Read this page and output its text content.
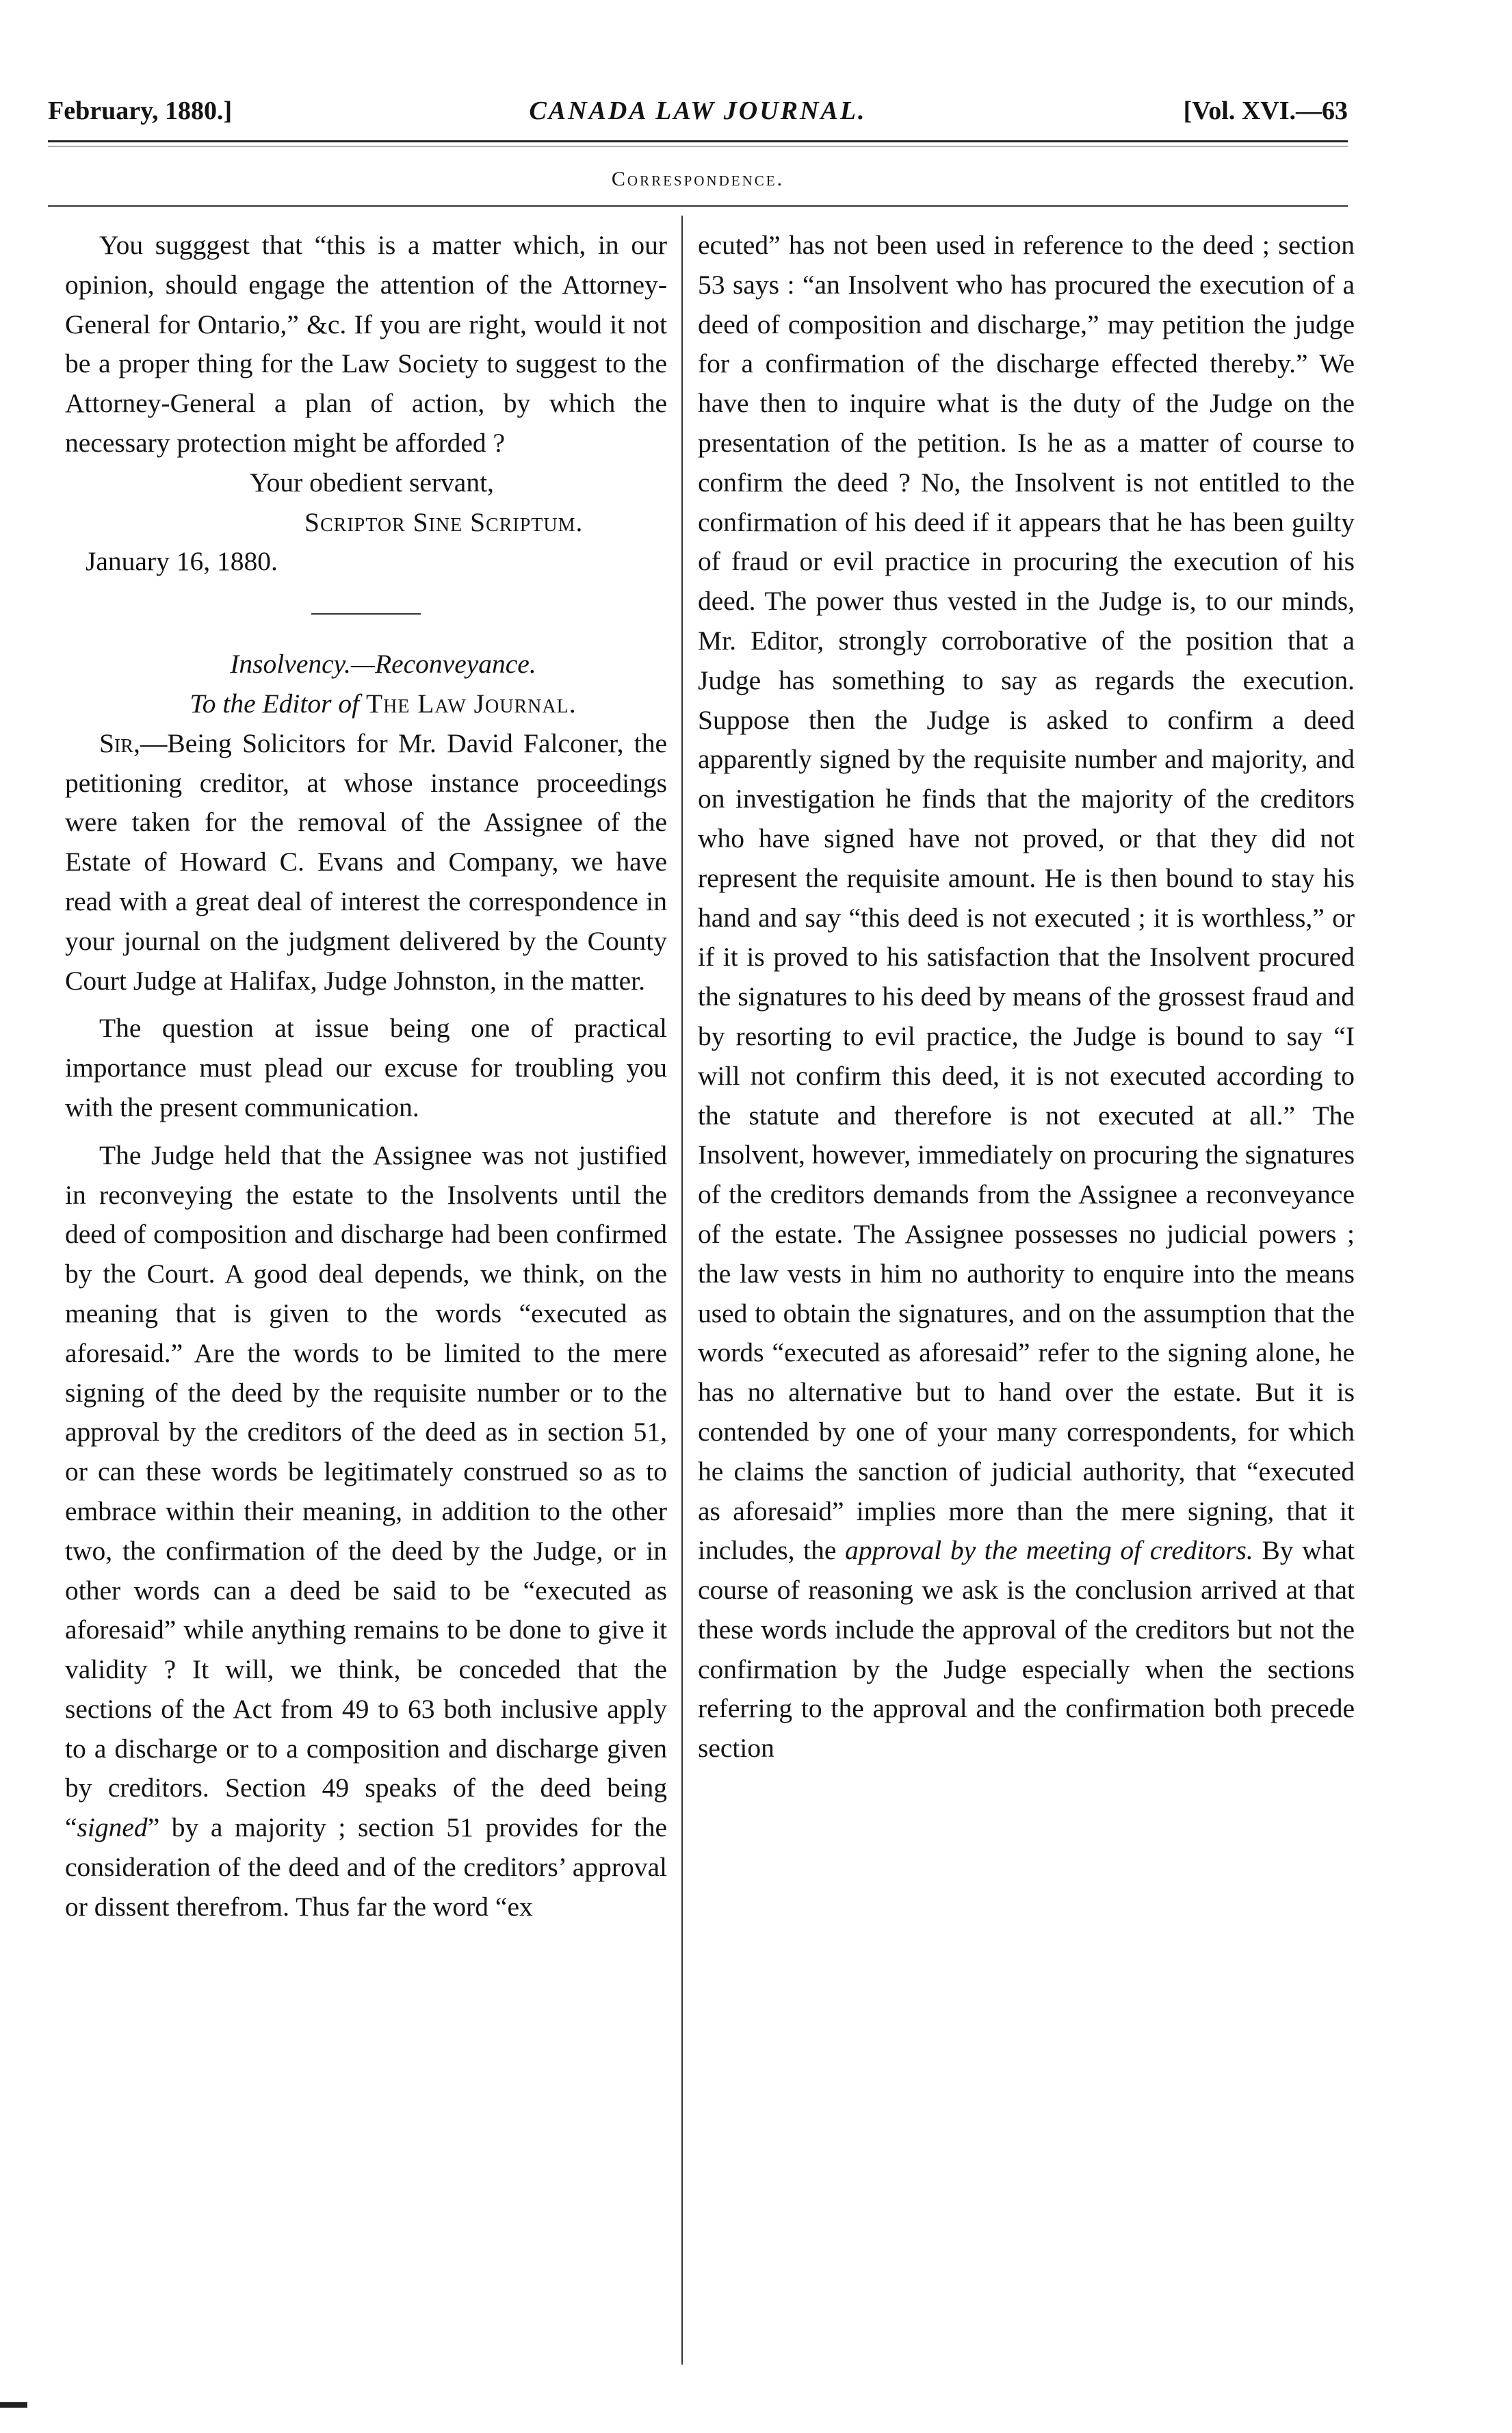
February, 1880.]	CANADA LAW JOURNAL.	[Vol. XVI.—63
Correspondence.

You sugggest that “this is a matter which, in our opinion, should engage the attention of the Attorney-General for Ontario,” &c. If you are right, would it not be a proper thing for the Law Society to suggest to the Attorney-General a plan of action, by which the necessary protection might be afforded ?

Your obedient servant,

Scriptor Sine Scriptum.

January 16, 1880.

Insolvency.—Reconveyance.

To the Editor of The Law Journal.

Sir,—Being Solicitors for Mr. David Falconer, the petitioning creditor, at whose instance proceedings were taken for the removal of the Assignee of the Estate of Howard C. Evans and Company, we have read with a great deal of interest the correspondence in your journal on the judgment delivered by the County Court Judge at Halifax, Judge Johnston, in the matter.

The question at issue being one of practical importance must plead our excuse for troubling you with the present communication.

The Judge held that the Assignee was not justified in reconveying the estate to the Insolvents until the deed of composition and discharge had been confirmed by the Court. A good deal depends, we think, on the meaning that is given to the words “executed as aforesaid.” Are the words to be limited to the mere signing of the deed by the requisite number or to the approval by the creditors of the deed as in section 51, or can these words be legitimately construed so as to embrace within their meaning, in addition to the other two, the confirmation of the deed by the Judge, or in other words can a deed be said to be “executed as aforesaid” while anything remains to be done to give it validity ? It will, we think, be conceded that the sections of the Act from 49 to 63 both inclusive apply to a discharge or to a composition and discharge given by creditors. Section 49 speaks of the deed being “signed” by a majority ; section 51 provides for the consideration of the deed and of the creditors’ approval or dissent therefrom. Thus far the word “ex

ecuted” has not been used in reference to the deed ; section 53 says : “an Insolvent who has procured the execution of a deed of composition and discharge,” may petition the judge for a confirmation of the discharge effected thereby.” We have then to inquire what is the duty of the Judge on the presentation of the petition. Is he as a matter of course to confirm the deed ? No, the Insolvent is not entitled to the confirmation of his deed if it appears that he has been guilty of fraud or evil practice in procuring the execution of his deed. The power thus vested in the Judge is, to our minds, Mr. Editor, strongly corroborative of the position that a Judge has something to say as regards the execution. Suppose then the Judge is asked to confirm a deed apparently signed by the requisite number and majority, and on investigation he finds that the majority of the creditors who have signed have not proved, or that they did not represent the requisite amount. He is then bound to stay his hand and say “this deed is not executed ; it is worthless,” or if it is proved to his satisfaction that the Insolvent procured the signatures to his deed by means of the grossest fraud and by resorting to evil practice, the Judge is bound to say “I will not confirm this deed, it is not executed according to the statute and therefore is not executed at all.” The Insolvent, however, immediately on procuring the signatures of the creditors demands from the Assignee a reconveyance of the estate. The Assignee possesses no judicial powers ; the law vests in him no authority to enquire into the means used to obtain the signatures, and on the assumption that the words “executed as aforesaid” refer to the signing alone, he has no alternative but to hand over the estate. But it is contended by one of your many correspondents, for which he claims the sanction of judicial authority, that “executed as aforesaid” implies more than the mere signing, that it includes, the approval by the meeting of creditors. By what course of reasoning we ask is the conclusion arrived at that these words include the approval of the creditors but not the confirmation by the Judge especially when the sections referring to the approval and the confirmation both precede section
